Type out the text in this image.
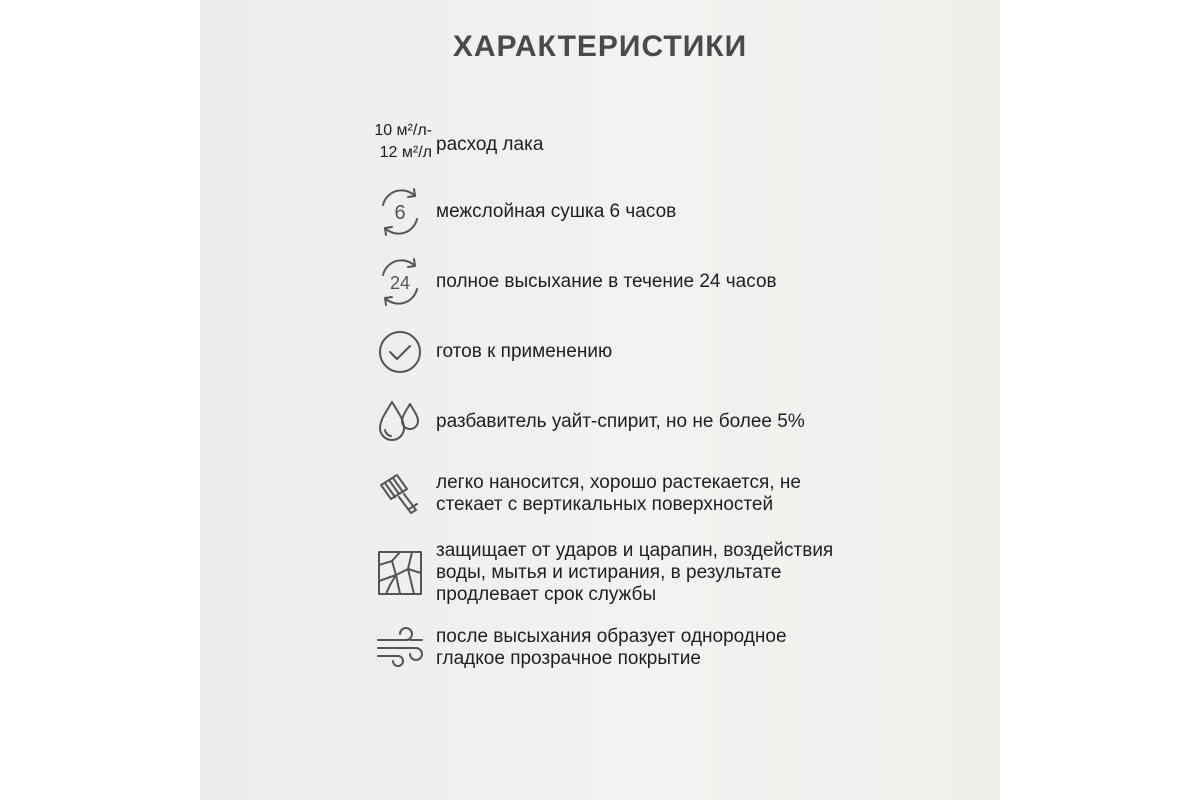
ХАРАКТЕРИСТИКИ
10 м²/л-
12 м²/л расход лака
6 межслойная сушка 6 часов
24 полное высыхание в течение 24 часов
готов к применению
разбавитель уайт-спирит, но не более 5%
легко наносится, хорошо растекается, не стекает с вертикальных поверхностей
защищает от ударов и царапин, воздействия воды, мытья и истирания, в результате продлевает срок службы
после высыхания образует однородное гладкое прозрачное покрытие
